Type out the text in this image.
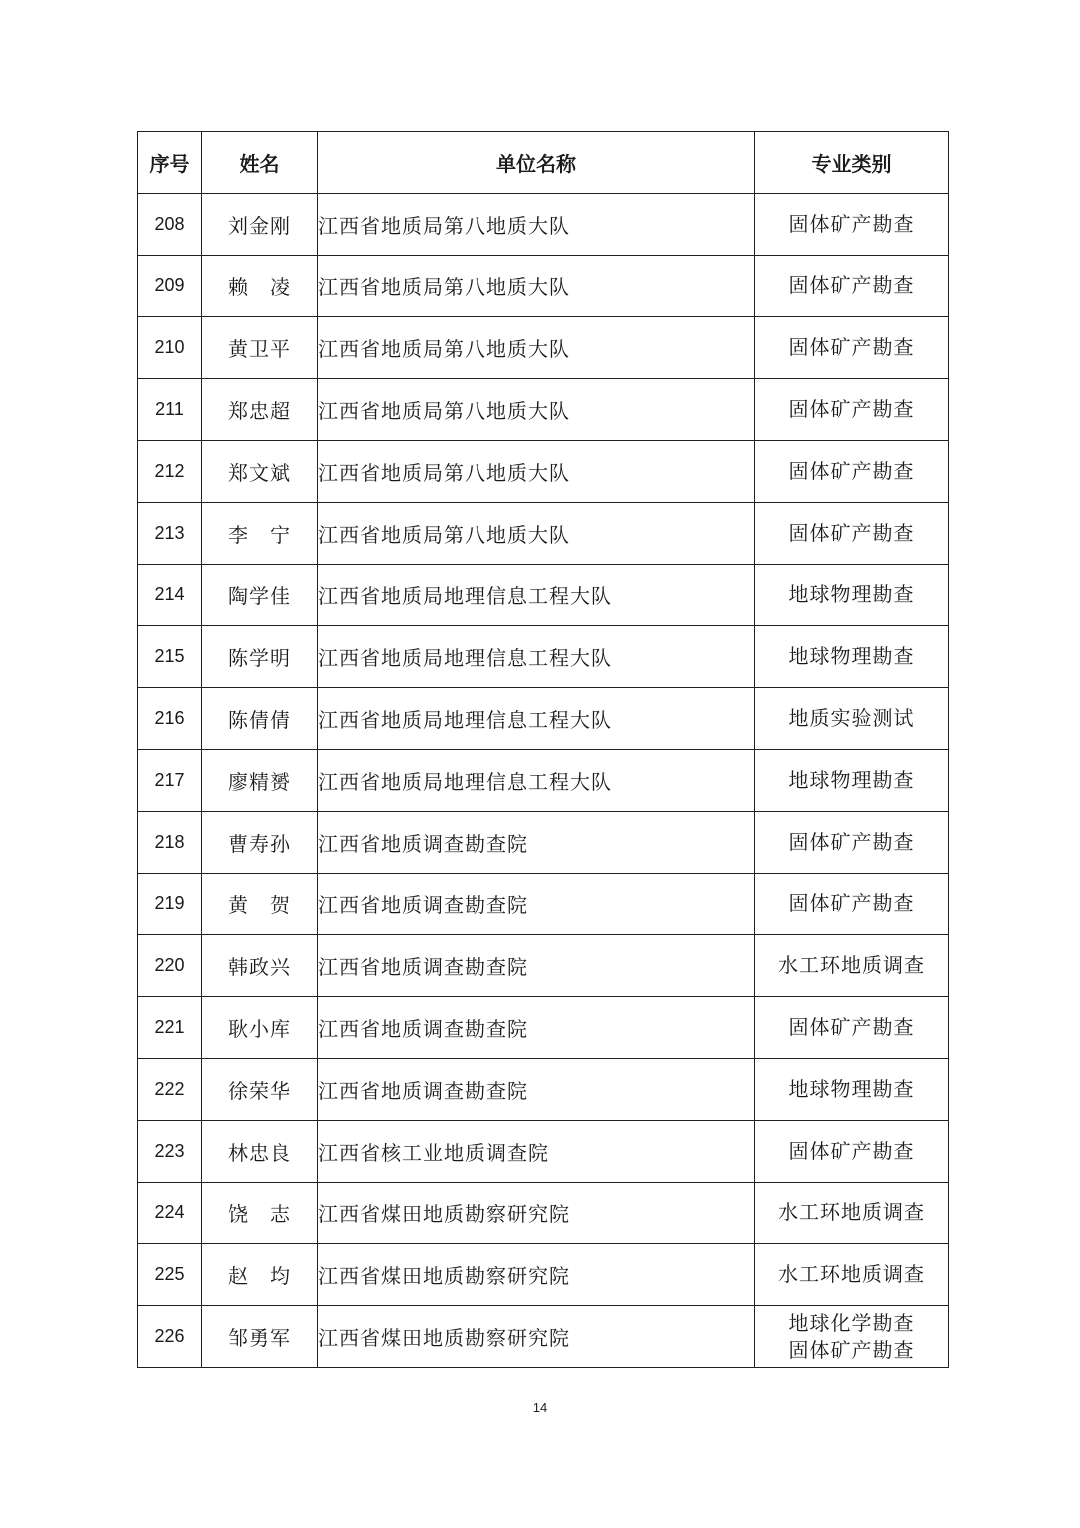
序号	姓名	单位名称	专业类别
208	刘金刚	江西省地质局第八地质大队	固体矿产勘查

209	赖　凌	江西省地质局第八地质大队	固体矿产勘查

210	黄卫平	江西省地质局第八地质大队	固体矿产勘查

211	郑忠超	江西省地质局第八地质大队	固体矿产勘查

212	郑文斌	江西省地质局第八地质大队	固体矿产勘查

213	李　宁	江西省地质局第八地质大队	固体矿产勘查

214	陶学佳	江西省地质局地理信息工程大队	地球物理勘查

215	陈学明	江西省地质局地理信息工程大队	地球物理勘查

216	陈倩倩	江西省地质局地理信息工程大队	地质实验测试

217	廖精赟	江西省地质局地理信息工程大队	地球物理勘查

218	曹寿孙	江西省地质调查勘查院	固体矿产勘查

219	黄　贺	江西省地质调查勘查院	固体矿产勘查

220	韩政兴	江西省地质调查勘查院	水工环地质调查

221	耿小库	江西省地质调查勘查院	固体矿产勘查

222	徐荣华	江西省地质调查勘查院	地球物理勘查

223	林忠良	江西省核工业地质调查院	固体矿产勘查

224	饶　志	江西省煤田地质勘察研究院	水工环地质调查

225	赵　均	江西省煤田地质勘察研究院	水工环地质调查

226	邹勇军	江西省煤田地质勘察研究院	地球化学勘查
固体矿产勘查
14
